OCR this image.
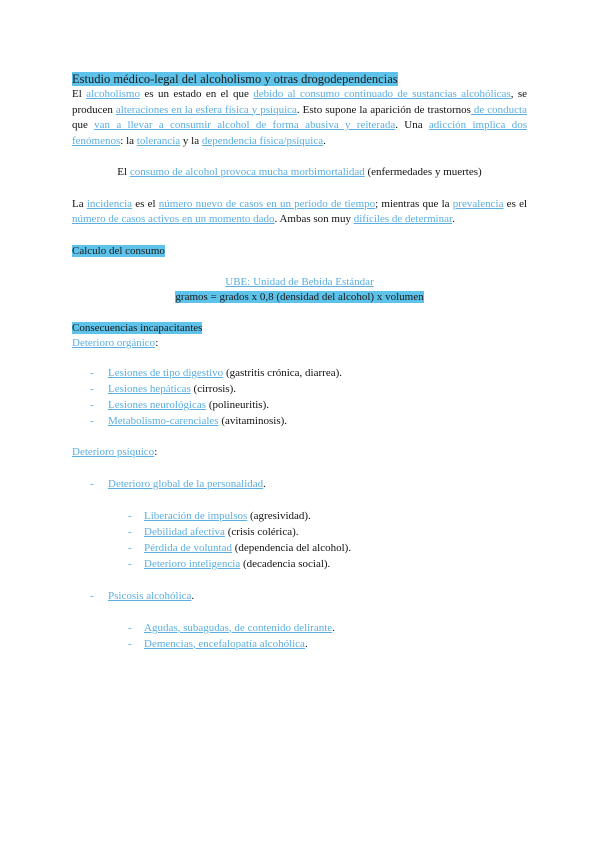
Estudio médico-legal del alcoholismo y otras drogodependencias

El alcoholismo es un estado en el que debido al consumo continuado de sustancias alcohólicas, se producen alteraciones en la esfera física y psíquica. Esto supone la aparición de trastornos de conducta que van a llevar a consumir alcohol de forma abusiva y reiterada. Una adicción implica dos fenómenos: la tolerancia y la dependencia física/psíquica.

El consumo de alcohol provoca mucha morbimortalidad (enfermedades y muertes)

La incidencia es el número nuevo de casos en un periodo de tiempo; mientras que la prevalencia es el número de casos activos en un momento dado. Ambas son muy difíciles de determinar.

Calculo del consumo
UBE: Unidad de Bebida Estándar
gramos = grados x 0,8 (densidad del alcohol) x volumen
Consecuencias incapacitantes
Deterioro orgánico:
- Lesiones de tipo digestivo (gastritis crónica, diarrea).
- Lesiones hepáticas (cirrosis).
- Lesiones neurológicas (polineuritis).
- Metabolismo-carenciales (avitaminosis).
Deterioro psíquico:
- Deterioro global de la personalidad.
- Liberación de impulsos (agresividad).
- Debilidad afectiva (crisis colérica).
- Pérdida de voluntad (dependencia del alcohol).
- Deterioro inteligencia (decadencia social).
- Psicosis alcohólica.
- Agudas, subagudas, de contenido delirante.
- Demencias, encefalopatía alcohólica.
